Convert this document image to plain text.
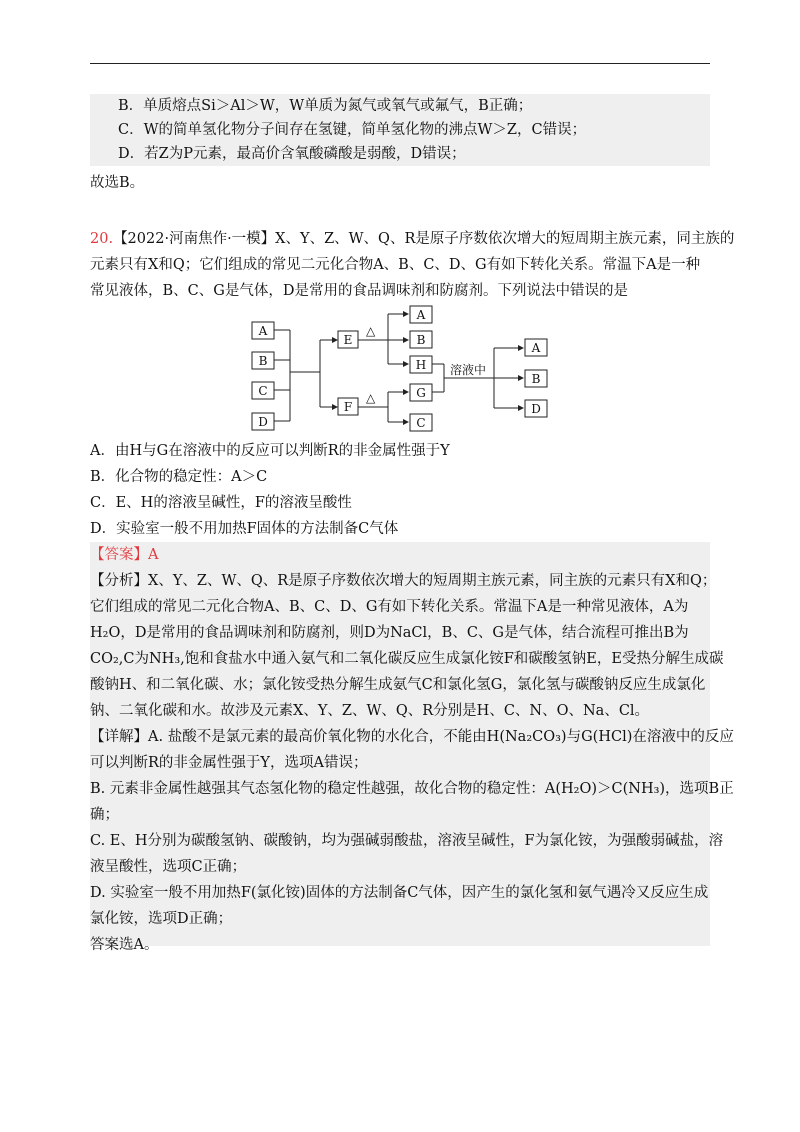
B．单质熔点Si＞Al＞W，W单质为氮气或氧气或氟气，B正确；
C．W的简单氢化物分子间存在氢键，简单氢化物的沸点W＞Z，C错误；
D．若Z为P元素，最高价含氧酸磷酸是弱酸，D错误；
故选B。
20.【2022·河南焦作·一模】X、Y、Z、W、Q、R是原子序数依次增大的短周期主族元素，同主族的
元素只有X和Q；它们组成的常见二元化合物A、B、C、D、G有如下转化关系。常温下A是一种
常见液体，B、C、G是气体，D是常用的食品调味剂和防腐剂。下列说法中错误的是
A
B
C
D
E
F
△
A
B
H
△	G
C
溶液中
A
B
D
A．由H与G在溶液中的反应可以判断R的非金属性强于Y
B．化合物的稳定性：A＞C
C．E、H的溶液呈碱性，F的溶液呈酸性
D．实验室一般不用加热F固体的方法制备C气体
【答案】A
【分析】X、Y、Z、W、Q、R是原子序数依次增大的短周期主族元素，同主族的元素只有X和Q；
它们组成的常见二元化合物A、B、C、D、G有如下转化关系。常温下A是一种常见液体，A为
H₂O，D是常用的食品调味剂和防腐剂，则D为NaCl，B、C、G是气体，结合流程可推出B为
CO₂,C为NH₃,饱和食盐水中通入氨气和二氧化碳反应生成氯化铵F和碳酸氢钠E，E受热分解生成碳
酸钠H、和二氧化碳、水；氯化铵受热分解生成氨气C和氯化氢G，氯化氢与碳酸钠反应生成氯化
钠、二氧化碳和水。故涉及元素X、Y、Z、W、Q、R分别是H、C、N、O、Na、Cl。
【详解】A. 盐酸不是氯元素的最高价氧化物的水化合，不能由H(Na₂CO₃)与G(HCl)在溶液中的反应
可以判断R的非金属性强于Y，选项A错误；
B. 元素非金属性越强其气态氢化物的稳定性越强，故化合物的稳定性：A(H₂O)＞C(NH₃)，选项B正
确；
C. E、H分别为碳酸氢钠、碳酸钠，均为强碱弱酸盐，溶液呈碱性，F为氯化铵，为强酸弱碱盐，溶
液呈酸性，选项C正确；
D. 实验室一般不用加热F(氯化铵)固体的方法制备C气体，因产生的氯化氢和氨气遇冷又反应生成
氯化铵，选项D正确；
答案选A。
